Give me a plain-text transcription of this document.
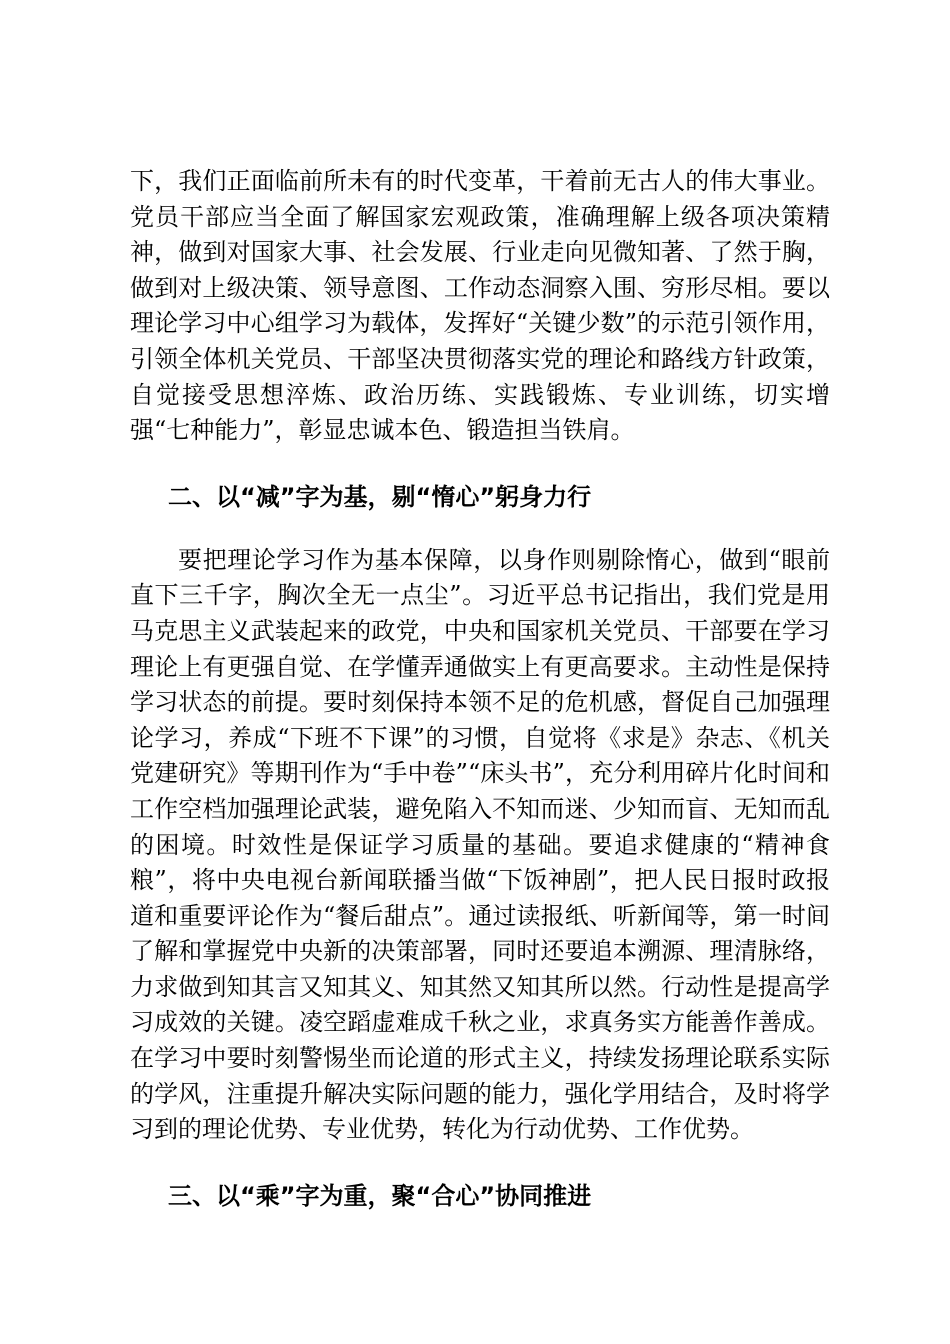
下，我们正面临前所未有的时代变革，干着前无古人的伟大事业。党员干部应当全面了解国家宏观政策，准确理解上级各项决策精神，做到对国家大事、社会发展、行业走向见微知著、了然于胸，做到对上级决策、领导意图、工作动态洞察入围、穷形尽相。要以理论学习中心组学习为载体，发挥好“关键少数”的示范引领作用，引领全体机关党员、干部坚决贯彻落实党的理论和路线方针政策，自觉接受思想淬炼、政治历练、实践锻炼、专业训练，切实增强“七种能力”，彰显忠诚本色、锻造担当铁肩。

二、以“减”字为基，剔“惰心”躬身力行

要把理论学习作为基本保障，以身作则剔除惰心，做到“眼前直下三千字，胸次全无一点尘”。习近平总书记指出，我们党是用马克思主义武装起来的政党，中央和国家机关党员、干部要在学习理论上有更强自觉、在学懂弄通做实上有更高要求。主动性是保持学习状态的前提。要时刻保持本领不足的危机感，督促自己加强理论学习，养成“下班不下课”的习惯，自觉将《求是》杂志、《机关党建研究》等期刊作为“手中卷”“床头书”，充分利用碎片化时间和工作空档加强理论武装，避免陷入不知而迷、少知而盲、无知而乱的困境。时效性是保证学习质量的基础。要追求健康的“精神食粮”，将中央电视台新闻联播当做“下饭神剧”，把人民日报时政报道和重要评论作为“餐后甜点”。通过读报纸、听新闻等，第一时间了解和掌握党中央新的决策部署，同时还要追本溯源、理清脉络，力求做到知其言又知其义、知其然又知其所以然。行动性是提高学习成效的关键。凌空蹈虚难成千秋之业，求真务实方能善作善成。在学习中要时刻警惕坐而论道的形式主义，持续发扬理论联系实际的学风，注重提升解决实际问题的能力，强化学用结合，及时将学习到的理论优势、专业优势，转化为行动优势、工作优势。

三、以“乘”字为重，聚“合心”协同推进
